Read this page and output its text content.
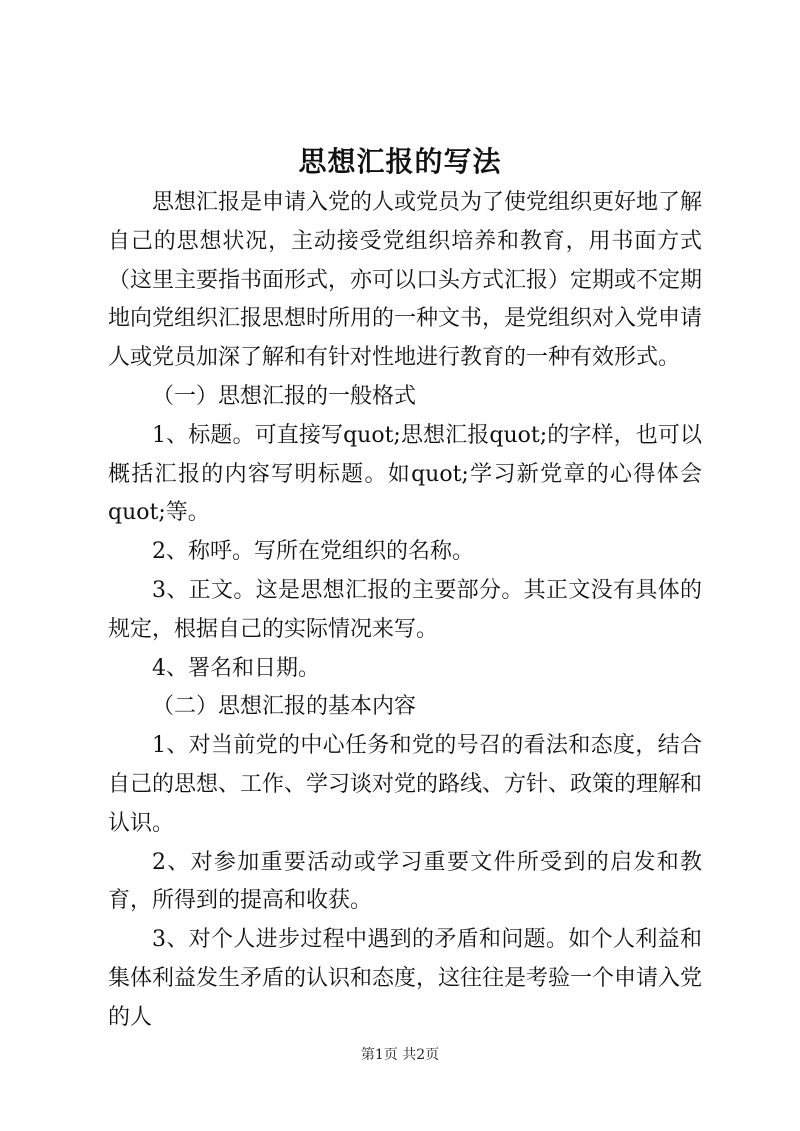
思想汇报的写法

思想汇报是申请入党的人或党员为了使党组织更好地了解自己的思想状况，主动接受党组织培养和教育，用书面方式（这里主要指书面形式，亦可以口头方式汇报）定期或不定期地向党组织汇报思想时所用的一种文书，是党组织对入党申请人或党员加深了解和有针对性地进行教育的一种有效形式。

（一）思想汇报的一般格式

1、标题。可直接写quot;思想汇报quot;的字样，也可以概括汇报的内容写明标题。如quot;学习新党章的心得体会quot;等。

2、称呼。写所在党组织的名称。

3、正文。这是思想汇报的主要部分。其正文没有具体的规定，根据自己的实际情况来写。

4、署名和日期。

（二）思想汇报的基本内容

1、对当前党的中心任务和党的号召的看法和态度，结合自己的思想、工作、学习谈对党的路线、方针、政策的理解和认识。

2、对参加重要活动或学习重要文件所受到的启发和教育，所得到的提高和收获。

3、对个人进步过程中遇到的矛盾和问题。如个人利益和集体利益发生矛盾的认识和态度，这往往是考验一个申请入党的人

第1页 共2页
